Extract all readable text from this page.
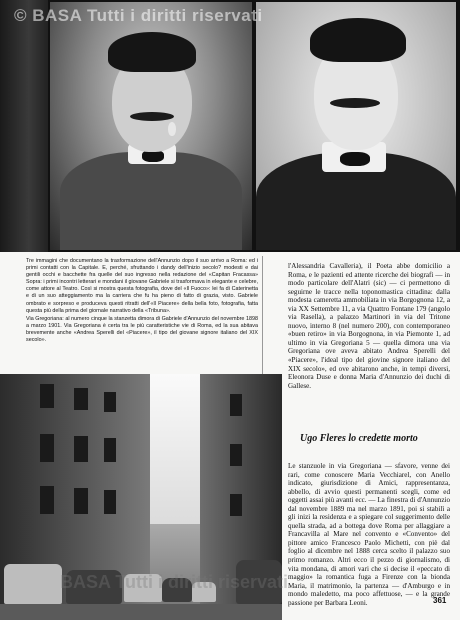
© BASA Tutti i diritti riservati
Tre immagini che documentano la trasformazione dell'Annunzio dopo il suo arrivo a Roma: ed i primi contatti con la Capitale. E, perché, sfruttando i dandy dell'inizio secolo? modesti e dai gentili occhi e bacchette fra quelle del suo ingresso nella redazione del «Capitan Fracassa» Sopra: i primi incontri letterari e mondani il giovane Gabriele si trasformava in elegante e celebre, come attore al Teatro. Così si mostra questa fotografia, dove del «Il Fuoco»: lei fa di Caterinetta e di un suo atteggiamento ma la carriera che fu ha pieno di fatto di grazia, visto. Gabriele ombrato e sorpreso e produceva questi ritratti dell'«Il Piacere» della bella foto, fotografia, fatta questa più della prima del giornale narrativo della «Tribuna».
Via Gregoriana: al numero cinque la stanzetta dimora di Gabriele d'Annunzio del novembre 1898 a marzo 1901. Via Gregoriana è certa tra le più caratteristiche vie di Roma, ed la sua abitava brevemente anche «Andrea Sperelli del «Piacere», il tipo del giovane signore italiano del XIX secolo».

l'Alessandria Cavalleria), il Poeta abbe domicilio a Roma, e le pazienti ed attente ricerche dei biografi — in modo particolare dell'Alatri (sic) — ci permettono di seguirne le tracce nella toponomastica cittadina: dalla modesta cameretta ammobiliata in via Borgognona 12, a via XX Settembre 11, a via Quattro Fontane 179 (angolo via Rasella), a palazzo Martinori in via del Tritone nuovo, interno 8 (nel numero 200), con contemporaneo «buen retiro» in via Borgognona, in via Piemonte 1, ad ultimo in via Gregoriana 5 — quella dimora una via Gregoriana ove aveva abitato Andrea Sperelli del «Piacere», l'ideal tipo del giovine signore italiano del XIX secolo», ed ove abitarono anche, in tempi diversi, Eleonora Duse e donna Maria d'Annunzio dei duchi di Gallese.

Ugo Fleres lo credette morto

Le stanzuole in via Gregoriana — sfavore, venne dei rari, come conoscere Maria Vecchiarel, con Anello indicato, giurisdizione di Amici, rappresentanza, abbello, di avvio questi permanenti scegli, come ed oggetti assai più avanti ecc. — La finestra di d'Annunzio dal novembre 1889 ma nel marzo 1891, poi si stabilì a gli inizi la residenza e a spiegare col suggerimento delle quella strada, ad a bottega dove Roma per allaggiare a Francavilla al Mare nel convento e «Convento» del pittore amico Francesco Paolo Michetti, con piè dal foglio al dicembre nel 1888 cerca scelto il palazzo suo primo romanzo. Altri ecco il pezzo di giornalismo, di vita mondana, di amori vari che si decise il «peccato di maggio» la romantica fuga a Firenze con la bionda Maria, il matrimonio, la partenza — d'Amburgo e in mondo maledetto, ma poco affettuose, — e la grande passione per Barbara Leoni.

BASA Tutti i diritti riservati
361
